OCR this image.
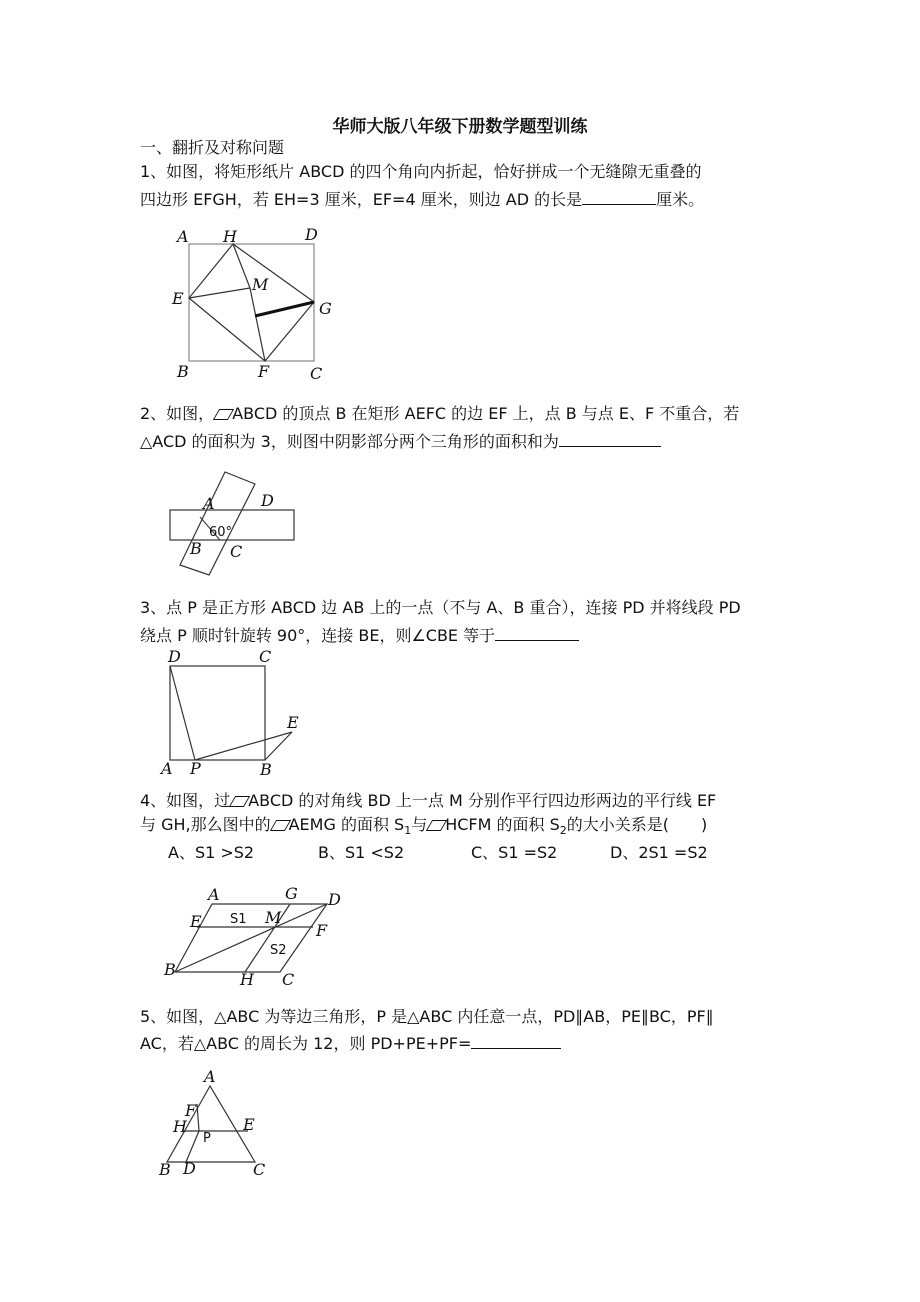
华师大版八年级下册数学题型训练
一、翻折及对称问题
1、如图，将矩形纸片 ABCD 的四个角向内折起，恰好拼成一个无缝隙无重叠的
四边形 EFGH，若 EH=3 厘米，EF=4 厘米，则边 AD 的长是	厘米。
A H	D
M
E
G
B	F	C
2、如图， ABCD 的顶点 B 在矩形 AEFC 的边 EF 上，点 B 与点 E、F 不重合，若
△ACD 的面积为 3，则图中阴影部分两个三角形的面积和为
A	D
60°
B C
3、点 P 是正方形 ABCD 边 AB 上的一点（不与 A、B 重合），连接 PD 并将线段 PD
绕点 P 顺时针旋转 90°，连接 BE，则∠CBE 等于
D	C
E
A P	B
4、如图，过 ABCD 的对角线 BD 上一点 M 分别作平行四边形两边的平行线 EF
与 GH,那么图中的 AEMG 的面积 $S_1$与 HCFM 的面积 $S_2$的大小关系是(　　)
A、S1 >S2	B、S1 <S2	C、S1 =S2	D、2S1 =S2
A	G D
E S1 M
F
S2
B
H C
5、如图，△ABC 为等边三角形，P 是△ABC 内任意一点，PD∥AB，PE∥BC，PF∥
AC，若△ABC 的周长为 12，则 PD+PE+PF=
A
F
H
P
E
B D	C
